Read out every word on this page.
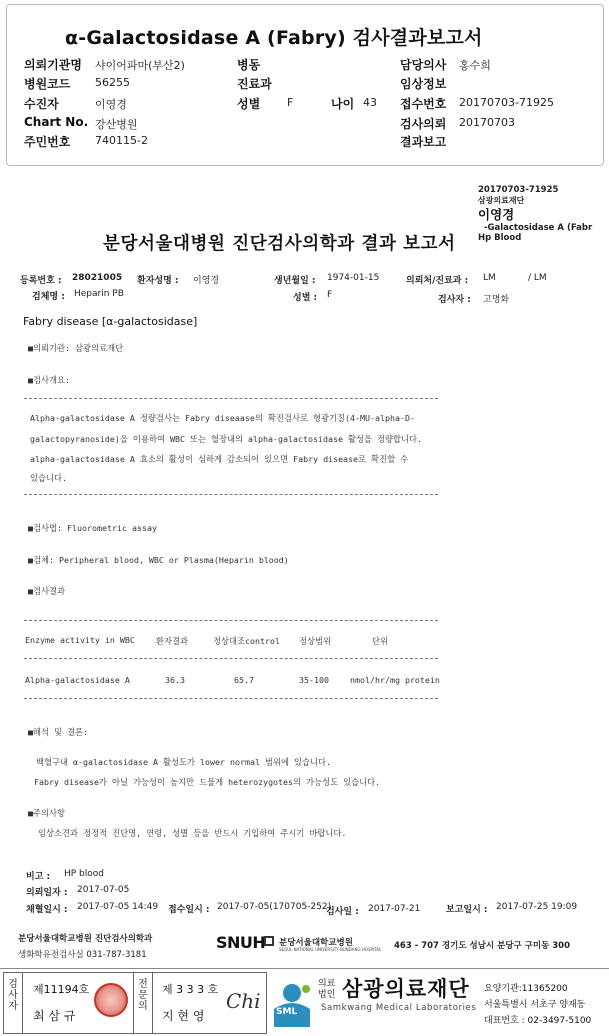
α-Galactosidase A (Fabry) 검사결과보고서
의뢰기관명 샤이어파마(부산2)
병원코드 56255
수진자	이영경
Chart No. 강산병원
주민번호 740115-2
병동
진료과
성별 F	나이 43
담당의사 홍수희
임상정보
접수번호 20170703-71925
검사의뢰 20170703
결과보고
20170703-71925
삼광의료재단
이영경
-Galactosidase A (Fabr
Hp Blood
분당서울대병원 진단검사의학과 결과 보고서
등록번호 : 28021005 환자성명 : 이영경	생년월일 : 1974-01-15	의뢰처/진료과 : LM	/ LM
검체명 : Heparin PB	성별 : F	검사자 : 고명화
Fabry disease [α-galactosidase]
■의뢰기관: 삼광의료재단
■검사개요:
Alpha-galactosidase A 정량검사는 Fabry diseaase의 확진검사로 형광기질(4-MU-alpha-D-
galactopyranoside)을 이용하여 WBC 또는 혈장내의 alpha-galactosidase 활성을 정량합니다.
alpha-galactosidase A 효소의 활성이 심하게 감소되어 있으면 Fabry disease로 확진할 수
있습니다.
■검사법: Fluorometric assay
■검체: Peripheral blood, WBC or Plasma(Heparin blood)
■검사결과
Enzyme activity in WBC	환자결과	정상대조control 정상범위	단위
Alpha-galactosidase A	36.3	65.7	35-100	nmol/hr/mg protein
■해석 및 결론:
백혈구내 α-galactosidase A 활성도가 lower normal 범위에 있습니다.
Fabry disease가 아닐 가능성이 높지만 드물게 heterozygotes의 가능성도 있습니다.
■주의사항
임상소견과 정정적 진단명, 연령, 성별 등을 반드시 기입하여 주시기 바랍니다.
비고 : HP blood
의뢰일자 : 2017-07-05
채혈일시 : 2017-07-05 14:49 접수일시 : 2017-07-05(170705-252)
검사일 : 2017-07-21	보고일시 : 2017-07-25 19:09
분당서울대학교병원 진단검사의학과
생화학유전검사실 031-787-3181
SNUH 분당서울대학교병원
SEOUL NATIONAL UNIVERSITY BUNDANG HOSPITAL 463 - 707 경기도 성남시 분당구 구미동 300
검사자
제11194호
최 삼 규
전문의
제 3 3 3 호
지 현 영
Chi SML
의료법인 삼광의료재단
Samkwang Medical Laboratories
요양기관:11365200
서울특별시 서초구 양재동
대표번호 : 02-3497-5100
